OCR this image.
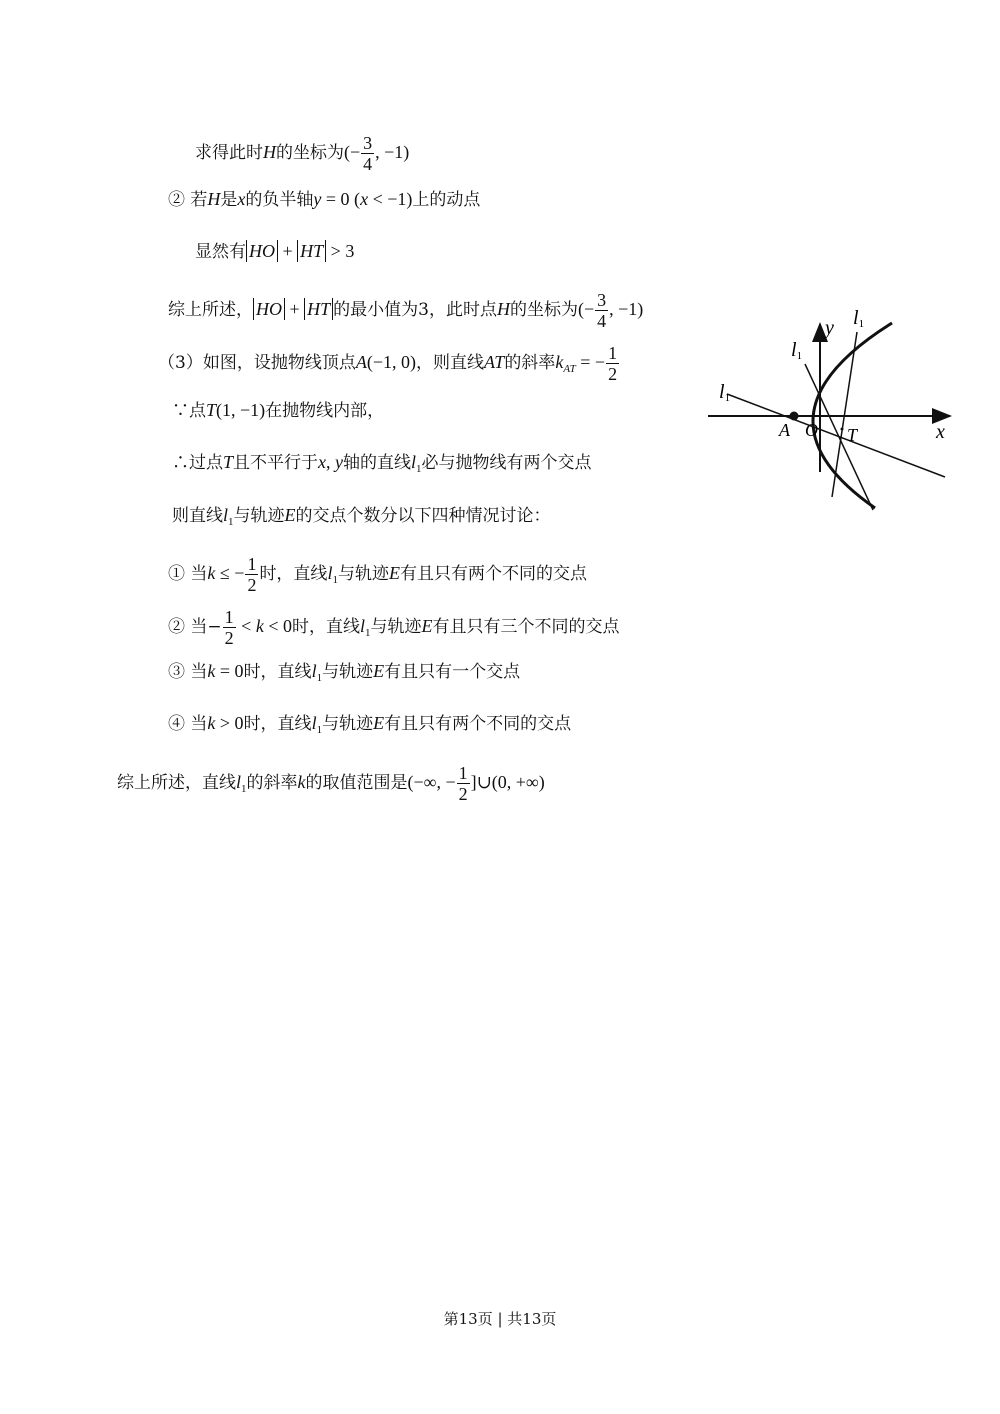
求得此时H的坐标为(− $\frac{3}{4}$ , −1)
② 若H是x的负半轴y = 0 (x < −1)上的动点
显然有 HO + HT > 3
综上所述， HO + HT 的最小值为3，此时点H的坐标为(− $\frac{3}{4}$ , −1)
（3）如图，设抛物线顶点A(−1, 0)，则直线AT的斜率$k_{AT}$ = − $\frac{1}{2}$
∵点T(1, −1)在抛物线内部，
∴过点T且不平行于x, y轴的直线$l_1$必与抛物线有两个交点
则直线$l_1$与轨迹E的交点个数分以下四种情况讨论：
① 当k ≤ − $\frac{1}{2}$ 时，直线$l_1$与轨迹E有且只有两个不同的交点
② 当− $\frac{1}{2} < k < 0$时，直线$l_1$与轨迹E有且只有三个不同的交点
③ 当k = 0时，直线$l_1$与轨迹E有且只有一个交点
④ 当k > 0时，直线$l_1$与轨迹E有且只有两个不同的交点
综上所述，直线$l_1$的斜率k的取值范围是(−∞, − $\frac{1}{2}$ ]∪(0, +∞)
y
x
A O T
l1
l1
l1
第13页 | 共13页
